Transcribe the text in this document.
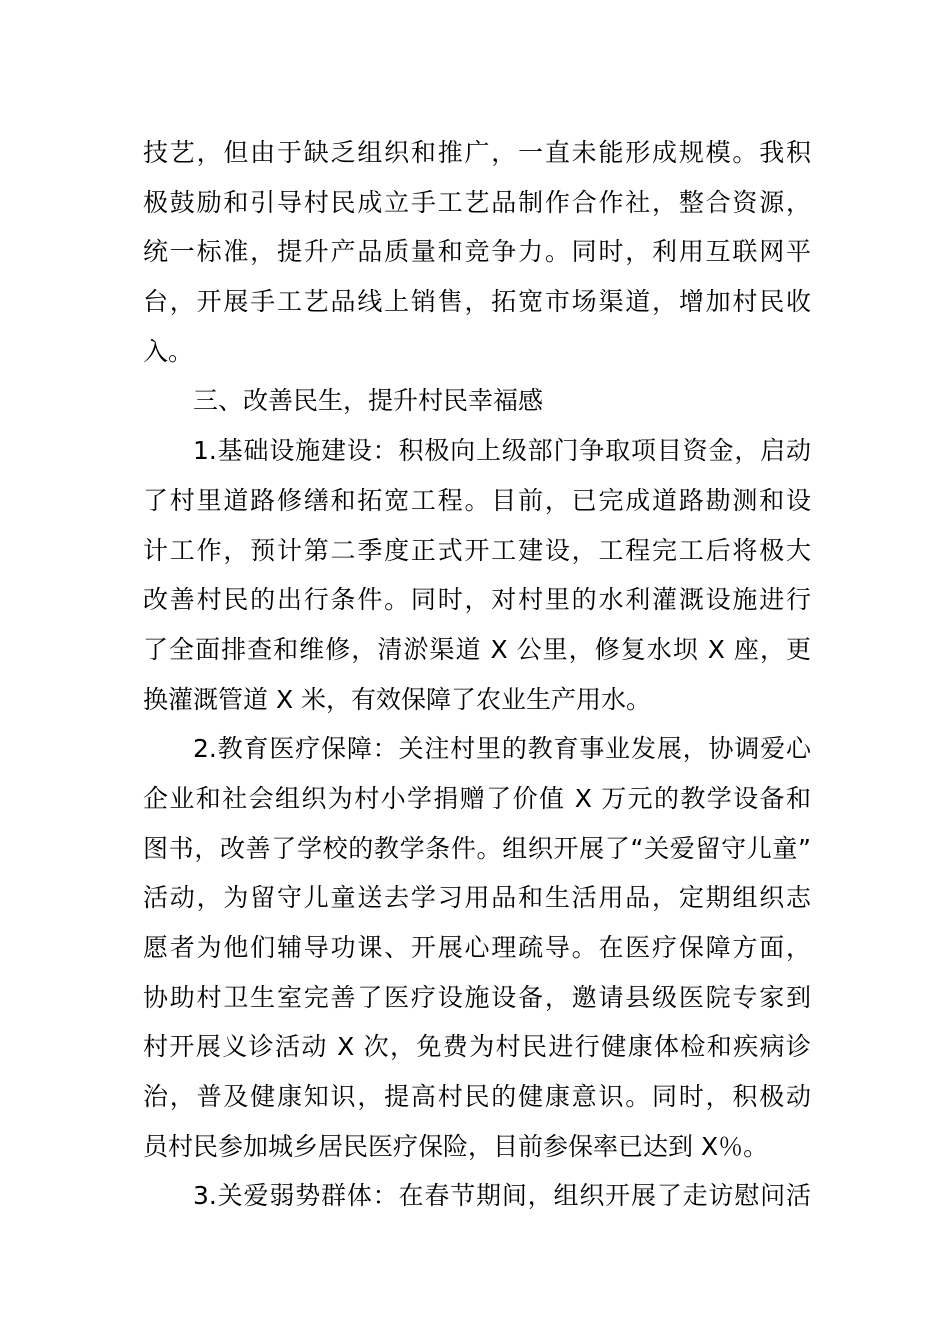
技艺，但由于缺乏组织和推广，一直未能形成规模。我积
极鼓励和引导村民成立手工艺品制作合作社，整合资源，
统一标准，提升产品质量和竞争力。同时，利用互联网平
台，开展手工艺品线上销售，拓宽市场渠道，增加村民收
入。
三、改善民生，提升村民幸福感
1.基础设施建设：积极向上级部门争取项目资金，启动
了村里道路修缮和拓宽工程。目前，已完成道路勘测和设
计工作，预计第二季度正式开工建设，工程完工后将极大
改善村民的出行条件。同时，对村里的水利灌溉设施进行
了全面排查和维修，清淤渠道 X 公里，修复水坝 X 座，更
换灌溉管道 X 米，有效保障了农业生产用水。
2.教育医疗保障：关注村里的教育事业发展，协调爱心
企业和社会组织为村小学捐赠了价值 X 万元的教学设备和
图书，改善了学校的教学条件。组织开展了“关爱留守儿童”
活动，为留守儿童送去学习用品和生活用品，定期组织志
愿者为他们辅导功课、开展心理疏导。在医疗保障方面，
协助村卫生室完善了医疗设施设备，邀请县级医院专家到
村开展义诊活动 X 次，免费为村民进行健康体检和疾病诊
治，普及健康知识，提高村民的健康意识。同时，积极动
员村民参加城乡居民医疗保险，目前参保率已达到 X％。
3.关爱弱势群体：在春节期间，组织开展了走访慰问活
